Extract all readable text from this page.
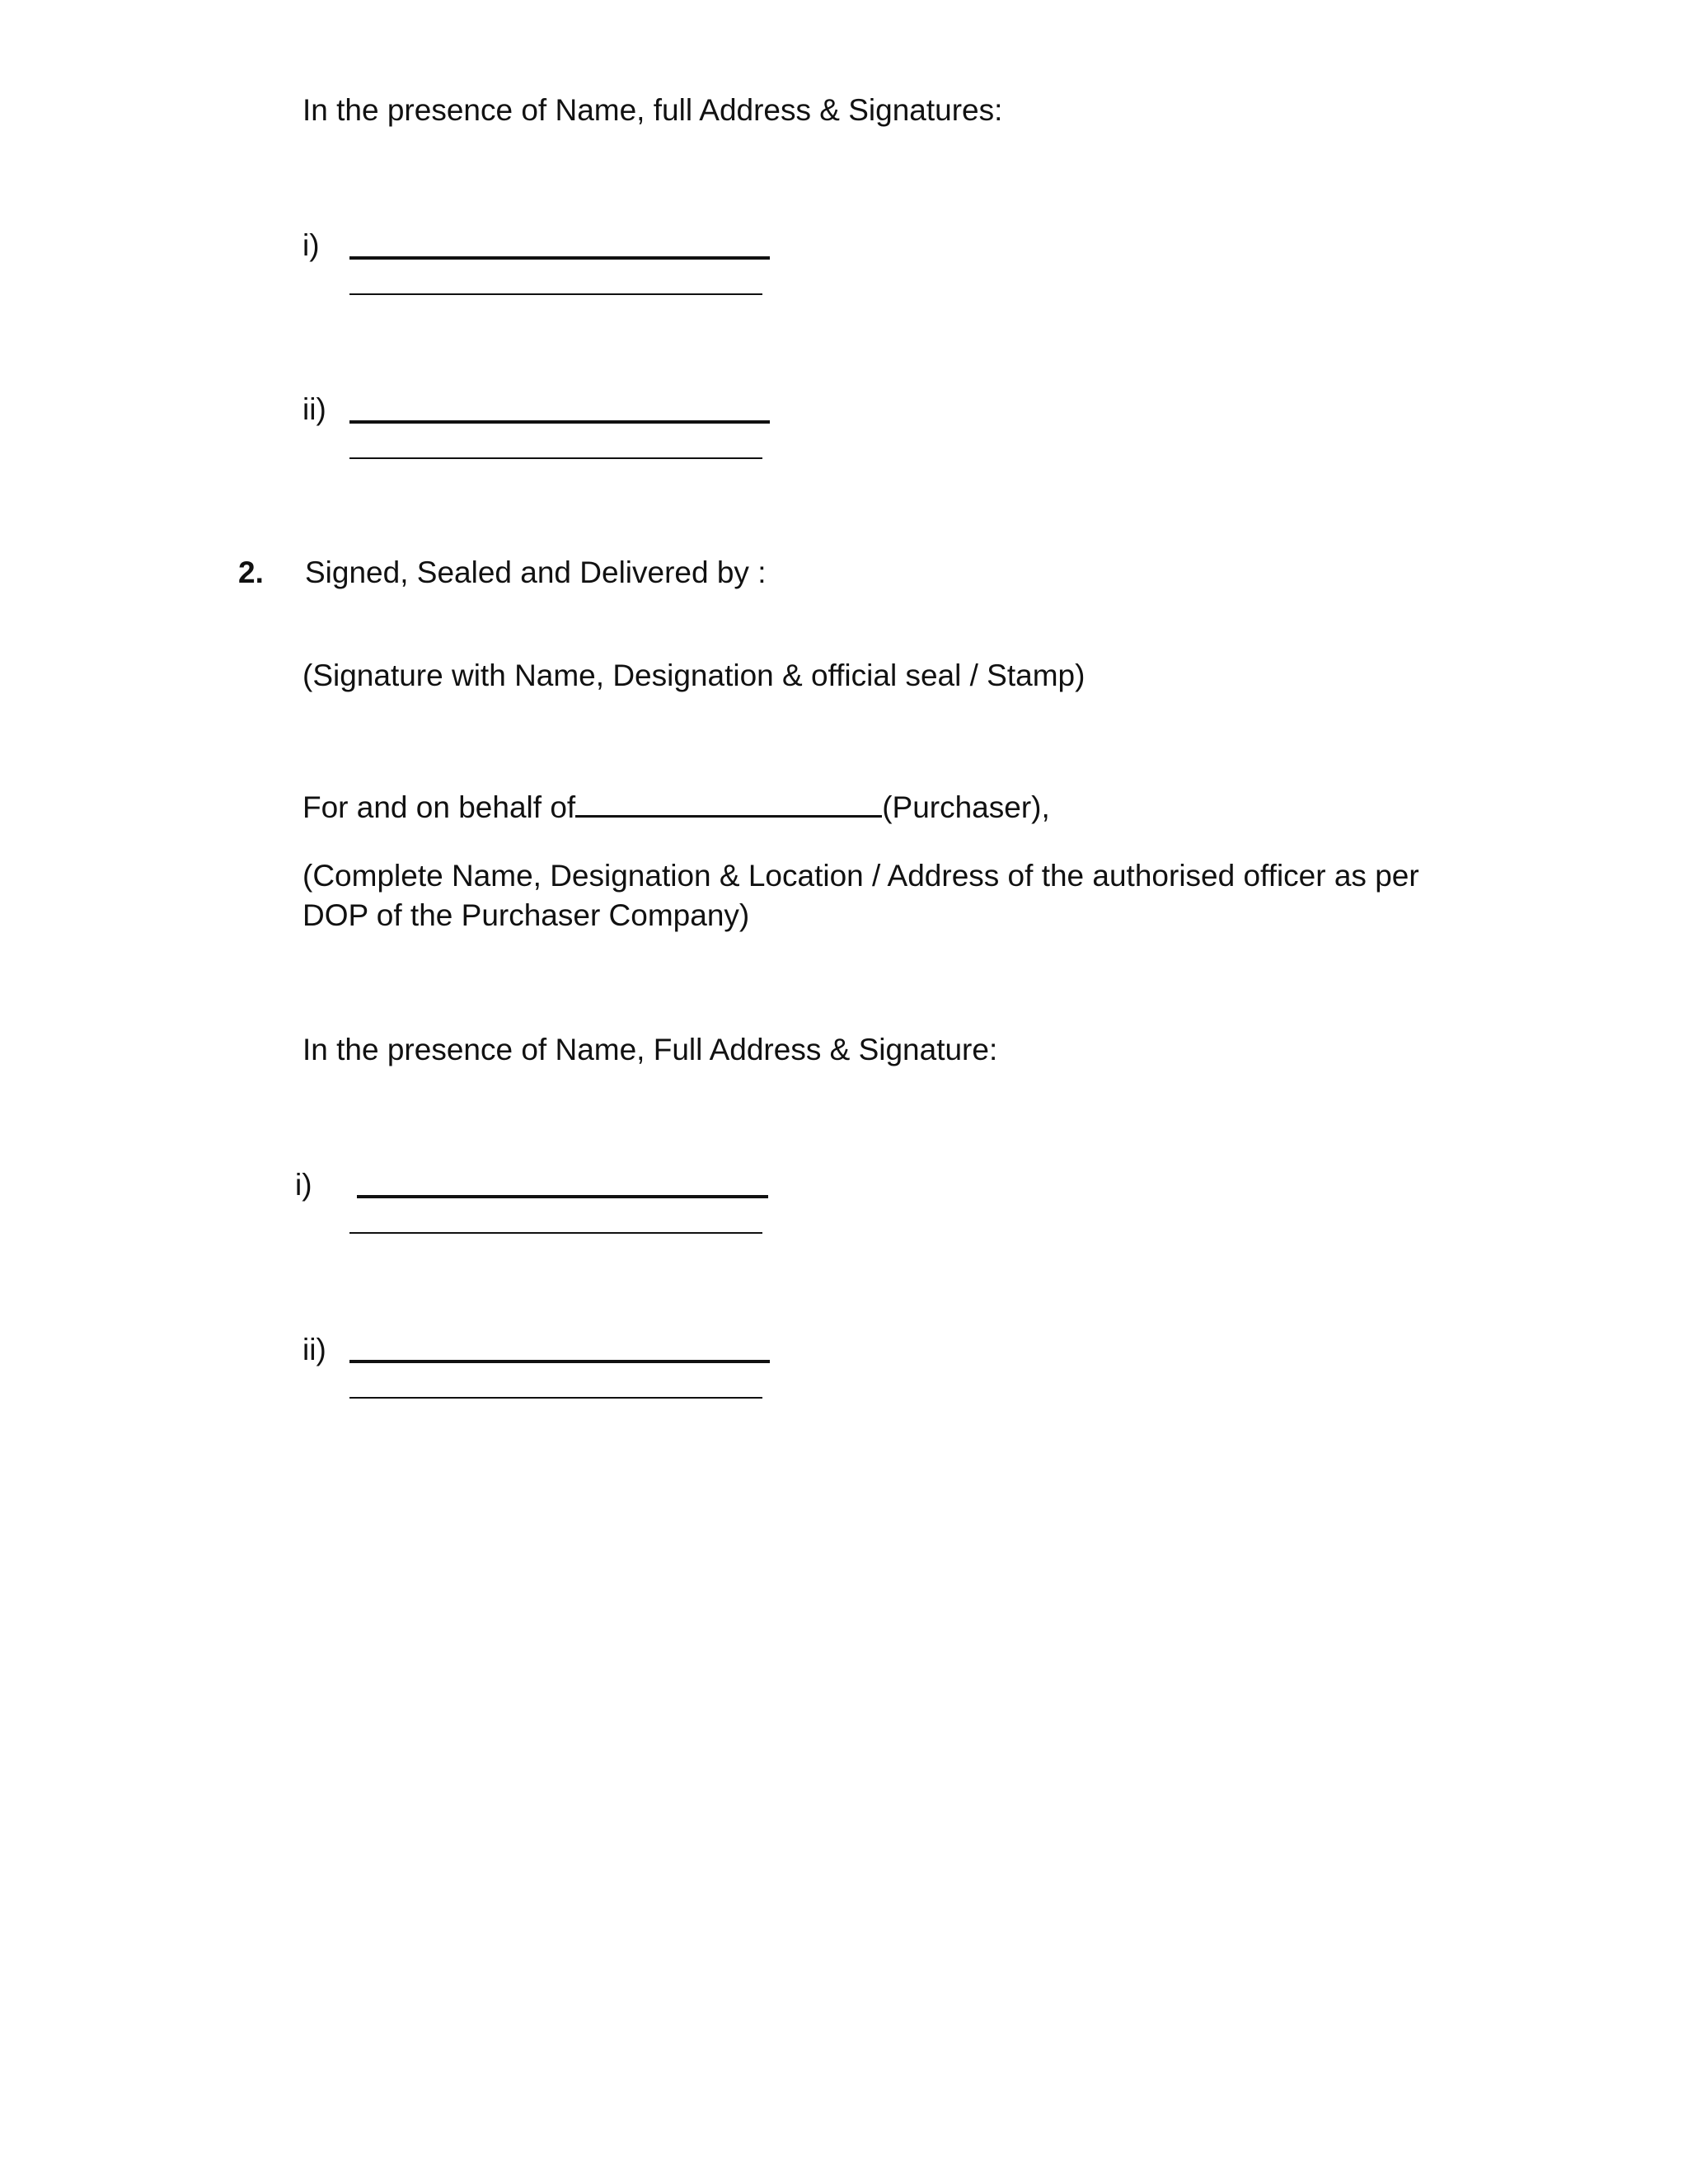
In the presence of Name, full Address & Signatures:
i)
ii)
2. Signed, Sealed and Delivered by :
(Signature with Name, Designation & official seal / Stamp)
For and on behalf of	(Purchaser),
(Complete Name, Designation & Location / Address of the authorised officer as per DOP of the Purchaser Company)
In the presence of Name, Full Address & Signature:
i)
ii)
